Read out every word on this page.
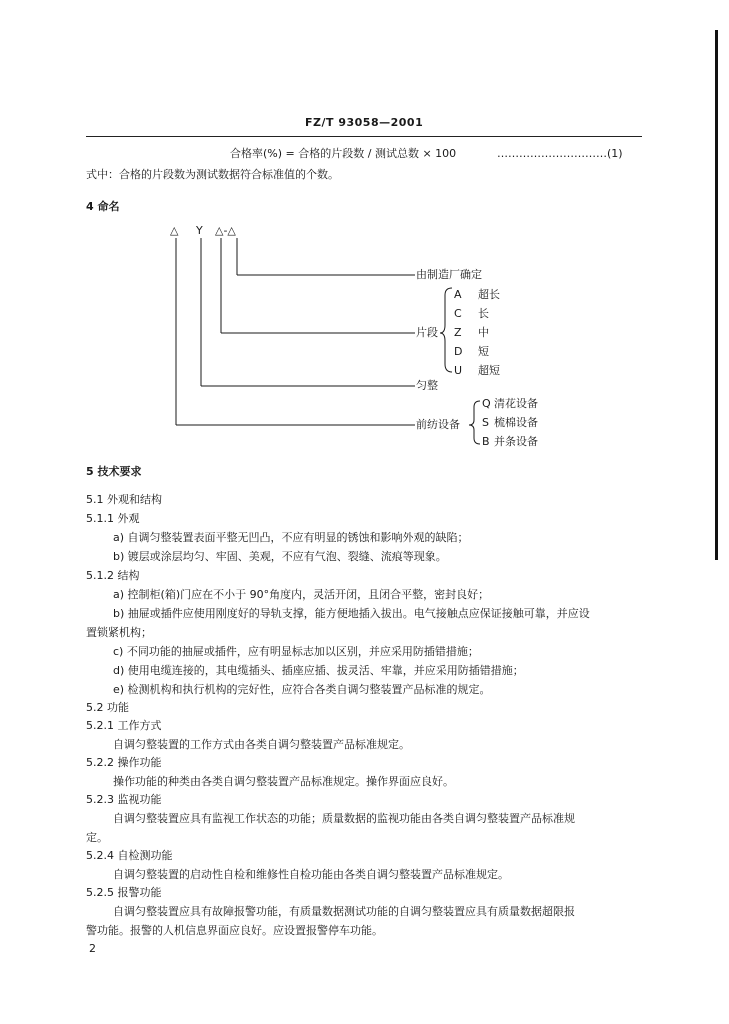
FZ/T 93058—2001
合格率(%) = 合格的片段数 / 测试总数 × 100	…………………………(1)
式中：合格的片段数为测试数据符合标准值的个数。
4 命名
△ Y △-△
由制造厂确定
片段
匀整
前纺设备
A 超长
C 长
Z 中
D 短
U 超短
Q 清花设备
S 梳棉设备
B 并条设备
5 技术要求
5.1 外观和结构
5.1.1 外观
a) 自调匀整装置表面平整无凹凸，不应有明显的锈蚀和影响外观的缺陷；
b) 镀层或涂层均匀、牢固、美观，不应有气泡、裂缝、流痕等现象。
5.1.2 结构
a) 控制柜(箱)门应在不小于 90°角度内，灵活开闭，且闭合平整，密封良好；
b) 抽屉或插件应使用刚度好的导轨支撑，能方便地插入拔出。电气接触点应保证接触可靠，并应设
置锁紧机构；
c) 不同功能的抽屉或插件，应有明显标志加以区别，并应采用防插错措施；
d) 使用电缆连接的，其电缆插头、插座应插、拔灵活、牢靠，并应采用防插错措施；
e) 检测机构和执行机构的完好性，应符合各类自调匀整装置产品标准的规定。
5.2 功能
5.2.1 工作方式
自调匀整装置的工作方式由各类自调匀整装置产品标准规定。
5.2.2 操作功能
操作功能的种类由各类自调匀整装置产品标准规定。操作界面应良好。
5.2.3 监视功能
自调匀整装置应具有监视工作状态的功能；质量数据的监视功能由各类自调匀整装置产品标准规
定。
5.2.4 自检测功能
自调匀整装置的启动性自检和维修性自检功能由各类自调匀整装置产品标准规定。
5.2.5 报警功能
自调匀整装置应具有故障报警功能，有质量数据测试功能的自调匀整装置应具有质量数据超限报
警功能。报警的人机信息界面应良好。应设置报警停车功能。
2
